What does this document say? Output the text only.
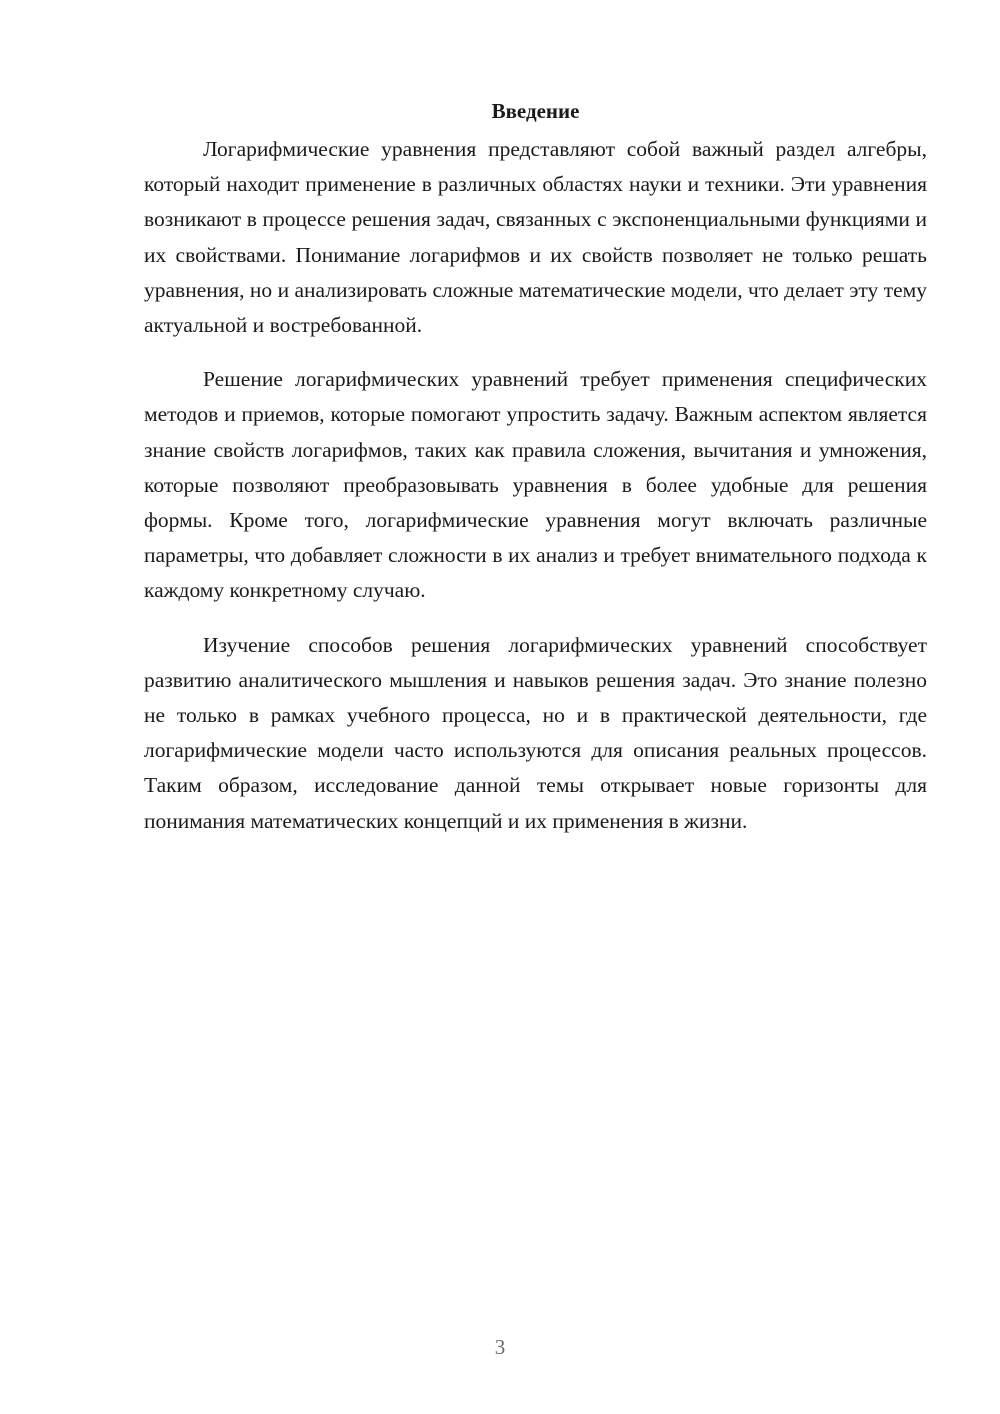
Введение

Логарифмические уравнения представляют собой важный раздел алгебры, который находит применение в различных областях науки и техники. Эти уравнения возникают в процессе решения задач, связанных с экспоненциальными функциями и их свойствами. Понимание логарифмов и их свойств позволяет не только решать уравнения, но и анализировать сложные математические модели, что делает эту тему актуальной и востребованной.

Решение логарифмических уравнений требует применения специфических методов и приемов, которые помогают упростить задачу. Важным аспектом является знание свойств логарифмов, таких как правила сложения, вычитания и умножения, которые позволяют преобразовывать уравнения в более удобные для решения формы. Кроме того, логарифмические уравнения могут включать различные параметры, что добавляет сложности в их анализ и требует внимательного подхода к каждому конкретному случаю.

Изучение способов решения логарифмических уравнений способствует развитию аналитического мышления и навыков решения задач. Это знание полезно не только в рамках учебного процесса, но и в практической деятельности, где логарифмические модели часто используются для описания реальных процессов. Таким образом, исследование данной темы открывает новые горизонты для понимания математических концепций и их применения в жизни.

3
